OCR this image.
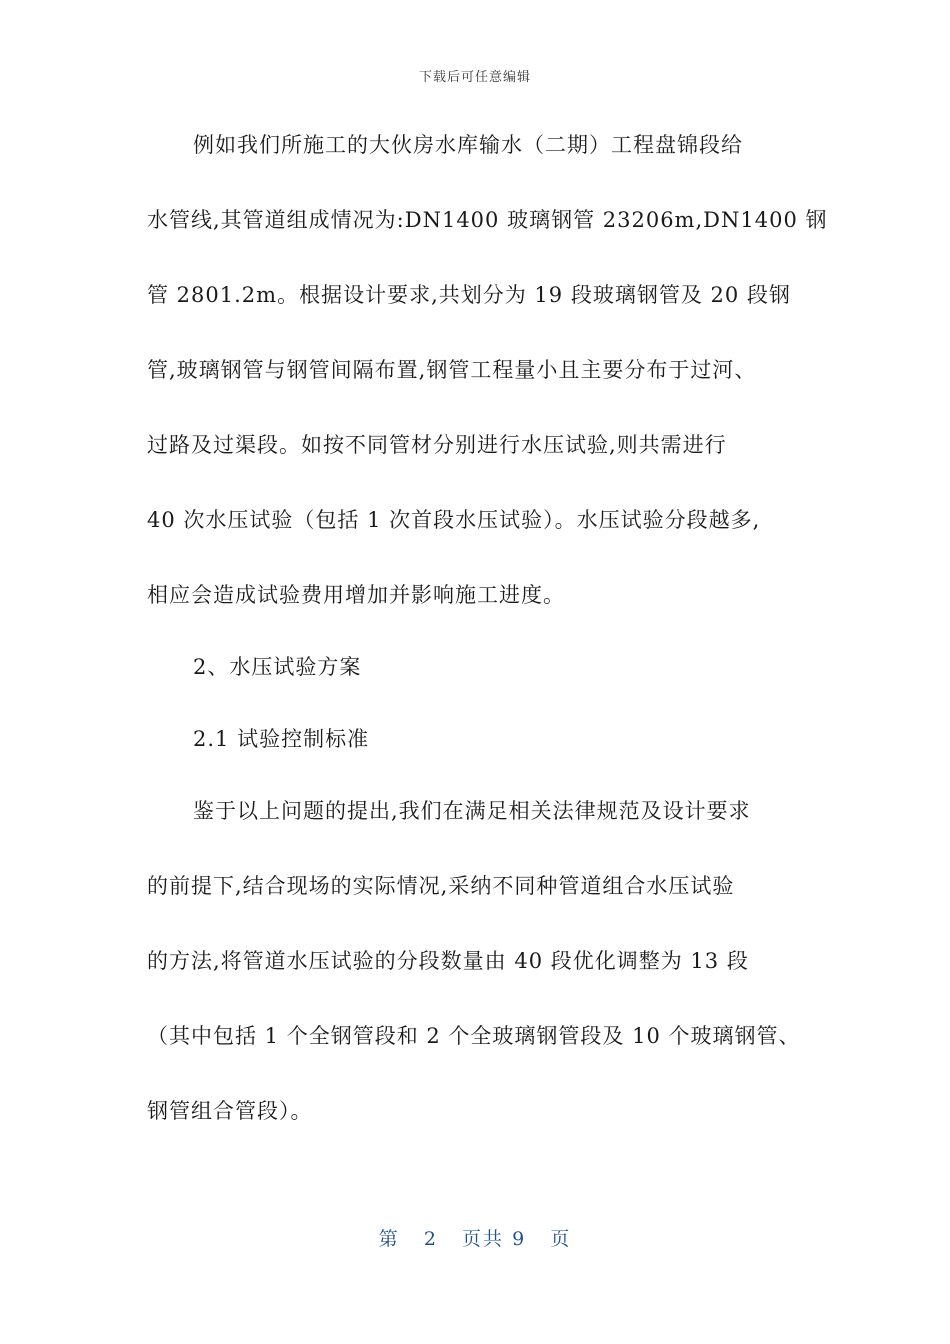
下载后可任意编辑
例如我们所施工的大伙房水库输水（二期）工程盘锦段给
水管线,其管道组成情况为:DN1400 玻璃钢管 23206m,DN1400 钢
管 2801.2m。根据设计要求,共划分为 19 段玻璃钢管及 20 段钢
管,玻璃钢管与钢管间隔布置,钢管工程量小且主要分布于过河、
过路及过渠段。如按不同管材分别进行水压试验,则共需进行
40 次水压试验（包括 1 次首段水压试验）。水压试验分段越多,
相应会造成试验费用增加并影响施工进度。
2、水压试验方案
2.1 试验控制标准
鉴于以上问题的提出,我们在满足相关法律规范及设计要求
的前提下,结合现场的实际情况,采纳不同种管道组合水压试验
的方法,将管道水压试验的分段数量由 40 段优化调整为 13 段
（其中包括 1 个全钢管段和 2 个全玻璃钢管段及 10 个玻璃钢管、
钢管组合管段）。
第 2 页共 9 页
